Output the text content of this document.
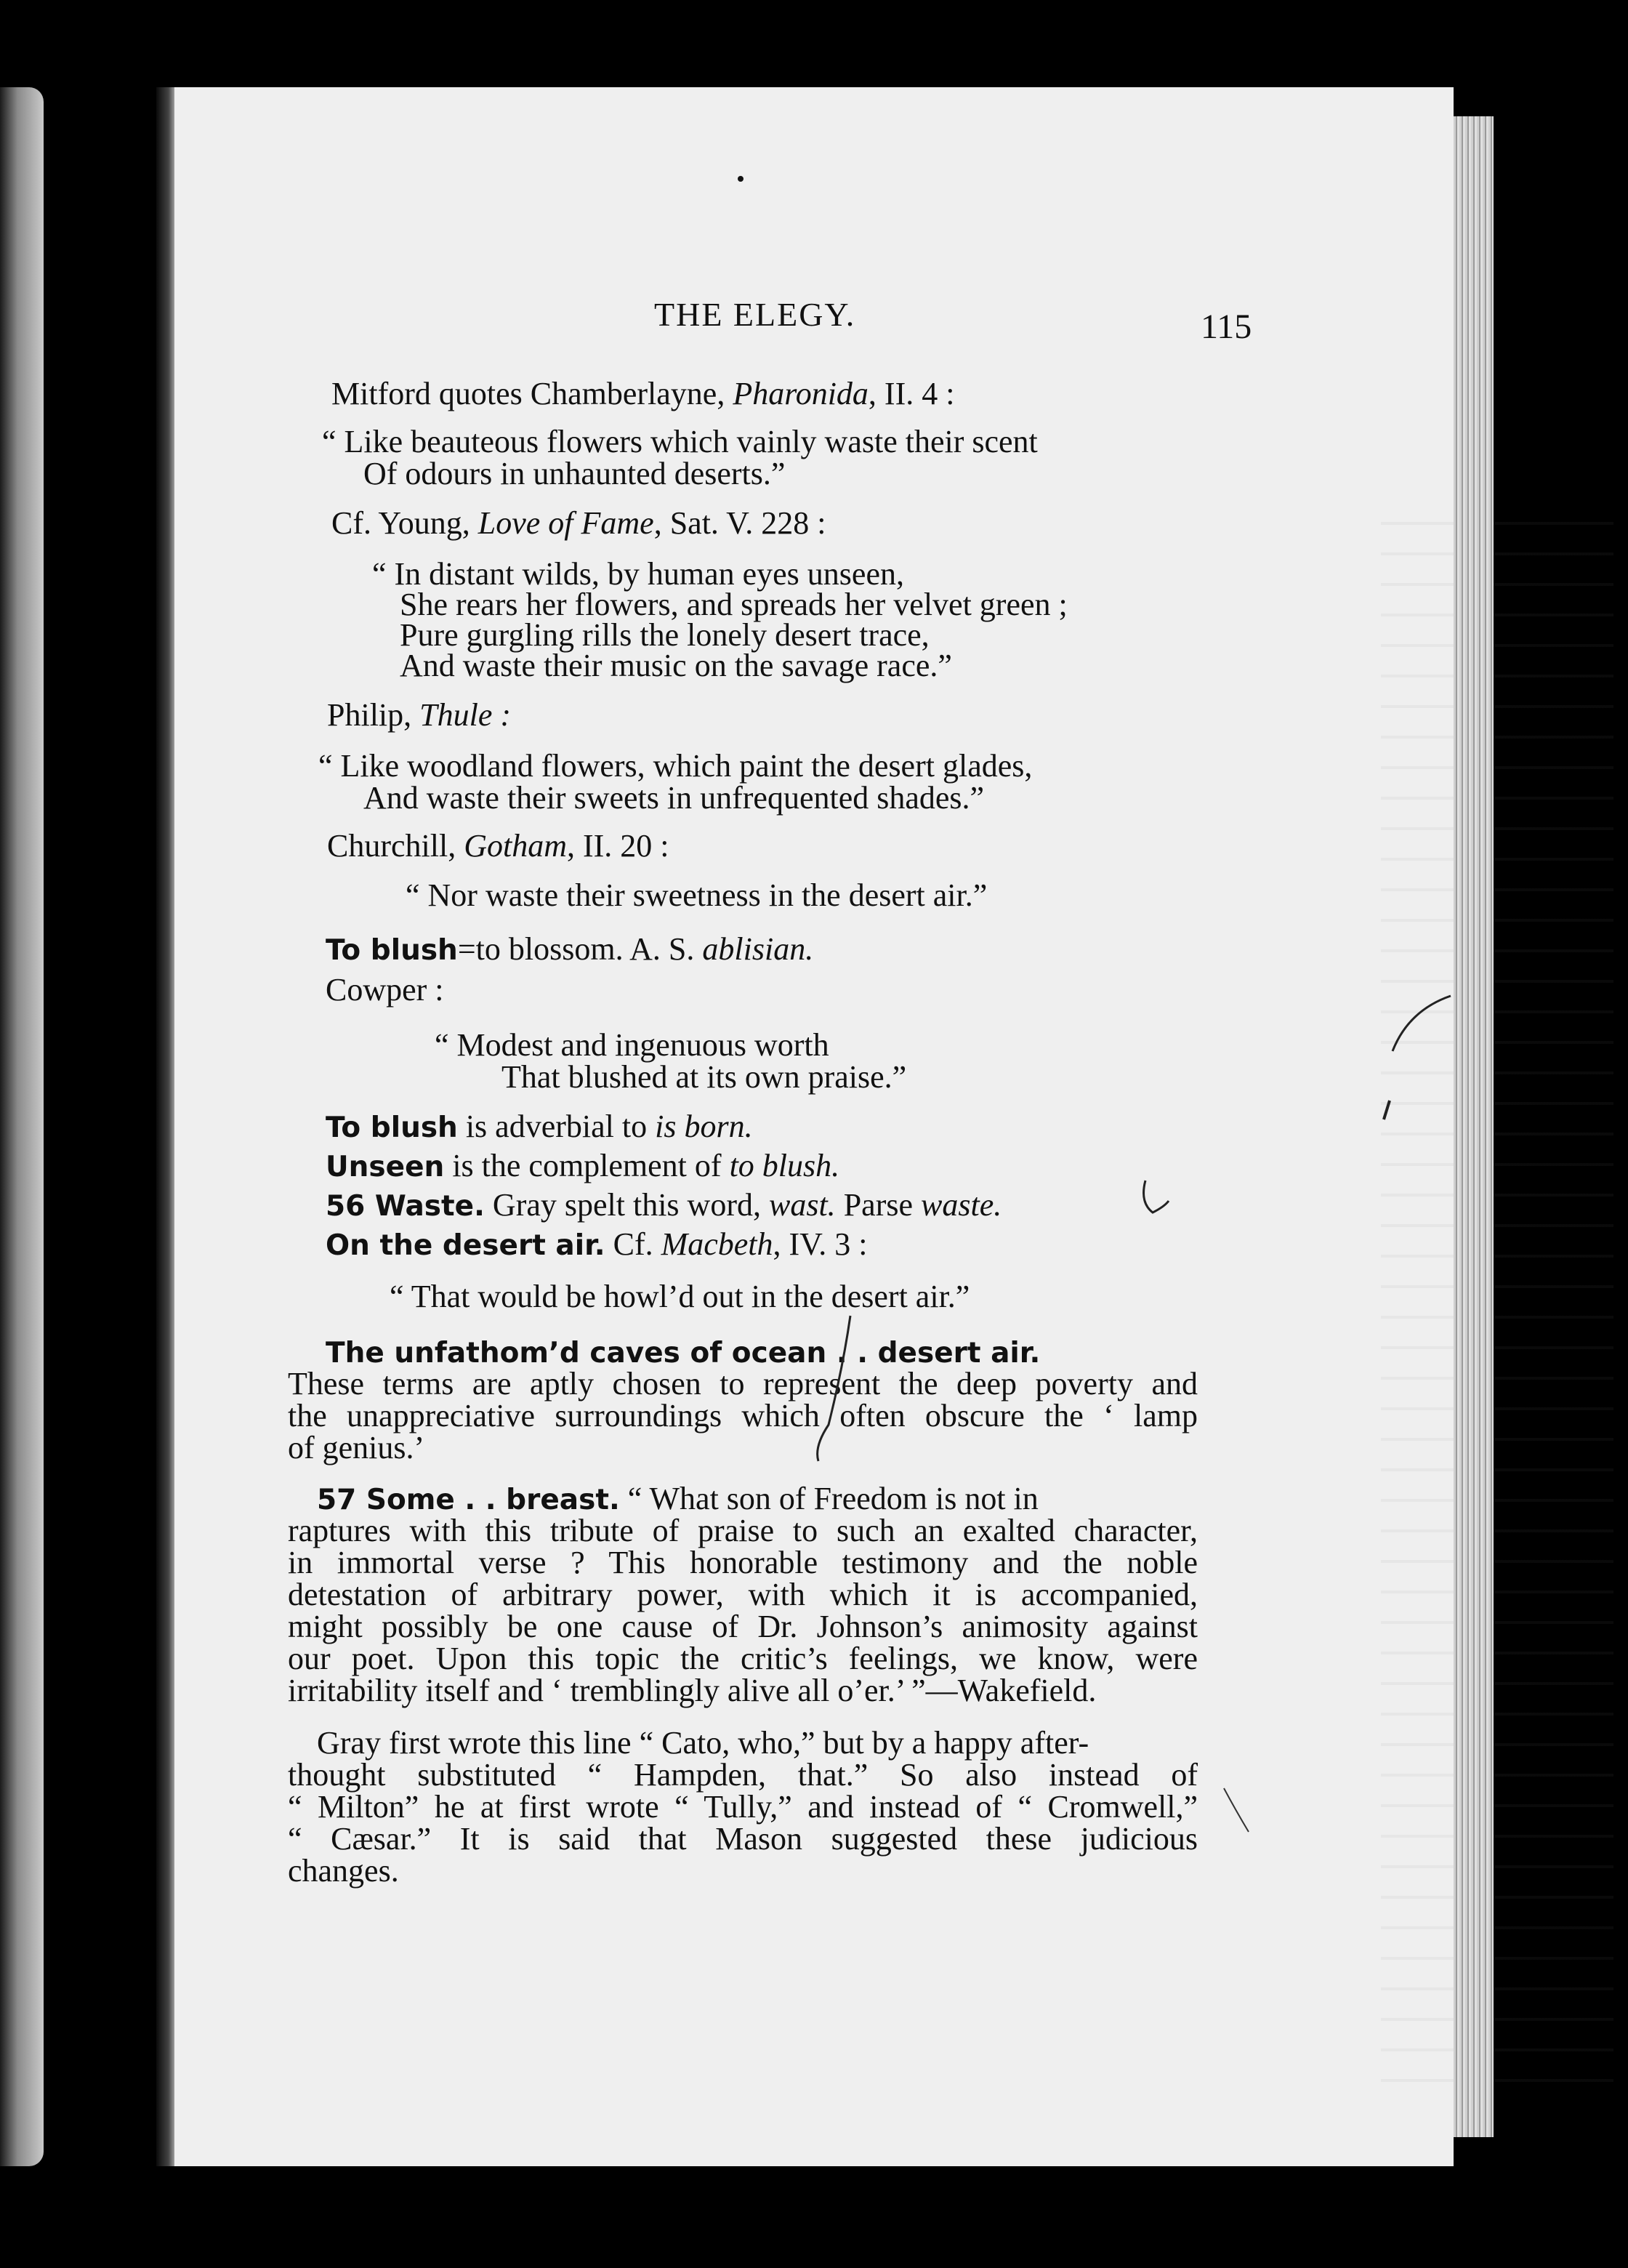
THE ELEGY.	115
Mitford quotes Chamberlayne, Pharonida, II. 4 :
“ Like beauteous flowers which vainly waste their scent
Of odours in unhaunted deserts.”
Cf. Young, Love of Fame, Sat. V. 228 :
“ In distant wilds, by human eyes unseen,
She rears her flowers, and spreads her velvet green ;
Pure gurgling rills the lonely desert trace,
And waste their music on the savage race.”
Philip, Thule :
“ Like woodland flowers, which paint the desert glades,
And waste their sweets in unfrequented shades.”
Churchill, Gotham, II. 20 :
“ Nor waste their sweetness in the desert air.”
To blush=to blossom. A. S. ablisian.
Cowper :
“ Modest and ingenuous worth
That blushed at its own praise.”
To blush is adverbial to is born.
Unseen is the complement of to blush.
56 Waste. Gray spelt this word, wast. Parse waste.
On the desert air. Cf. Macbeth, IV. 3 :
“ That would be howl’d out in the desert air.”
The unfathom’d caves of ocean . . desert air.
These terms are aptly chosen to represent the deep poverty and
the unappreciative surroundings which often obscure the ‘ lamp
of genius.’
57 Some . . breast. “ What son of Freedom is not in
raptures with this tribute of praise to such an exalted character,
in immortal verse ? This honorable testimony and the noble
detestation of arbitrary power, with which it is accompanied,
might possibly be one cause of Dr. Johnson’s animosity against
our poet. Upon this topic the critic’s feelings, we know, were
irritability itself and ‘ tremblingly alive all o’er.’ ”—Wakefield.
Gray first wrote this line “ Cato, who,” but by a happy after-
thought substituted “ Hampden, that.” So also instead of
“ Milton” he at first wrote “ Tully,” and instead of “ Cromwell,”
“ Cæsar.” It is said that Mason suggested these judicious
changes.
